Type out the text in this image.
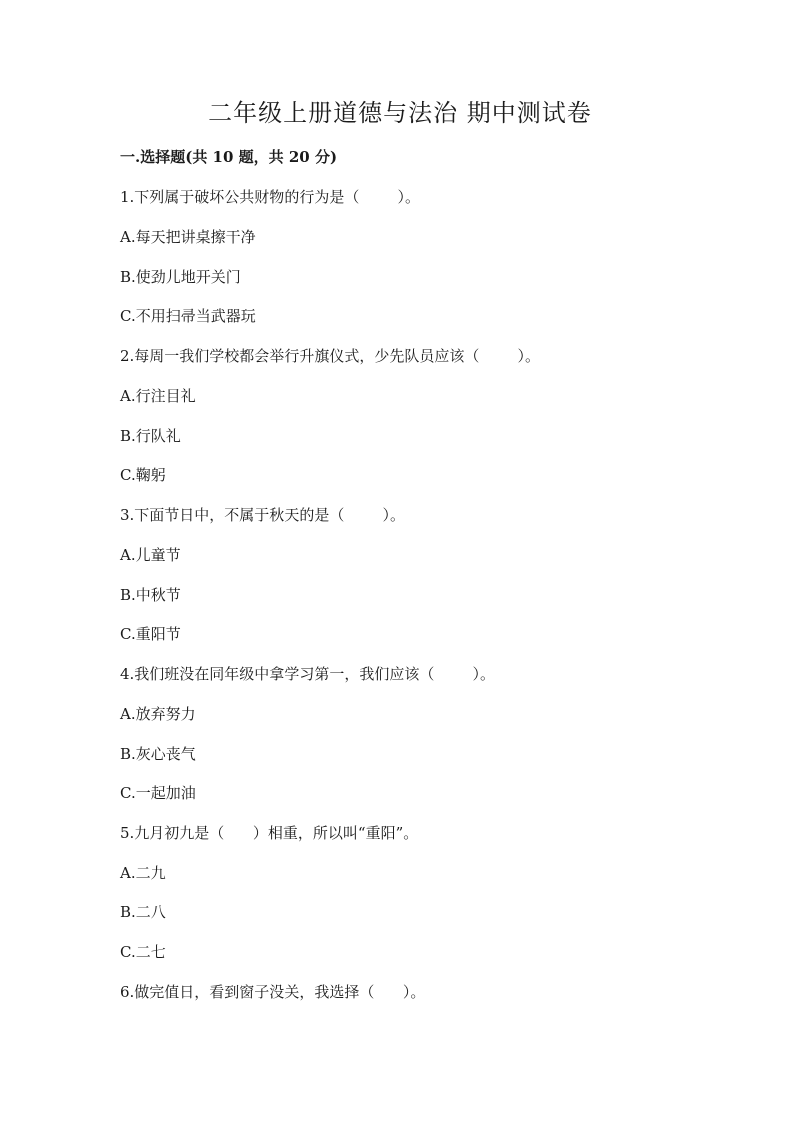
二年级上册道德与法治 期中测试卷
一.选择题(共 10 题，共 20 分)
1.下列属于破坏公共财物的行为是（        ）。
A.每天把讲桌擦干净
B.使劲儿地开关门
C.不用扫帚当武器玩
2.每周一我们学校都会举行升旗仪式，少先队员应该（        ）。
A.行注目礼
B.行队礼
C.鞠躬
3.下面节日中，不属于秋天的是（        ）。
A.儿童节
B.中秋节
C.重阳节
4.我们班没在同年级中拿学习第一，我们应该（        ）。
A.放弃努力
B.灰心丧气
C.一起加油
5.九月初九是（      ）相重，所以叫“重阳”。
A.二九
B.二八
C.二七
6.做完值日，看到窗子没关，我选择（      ）。
